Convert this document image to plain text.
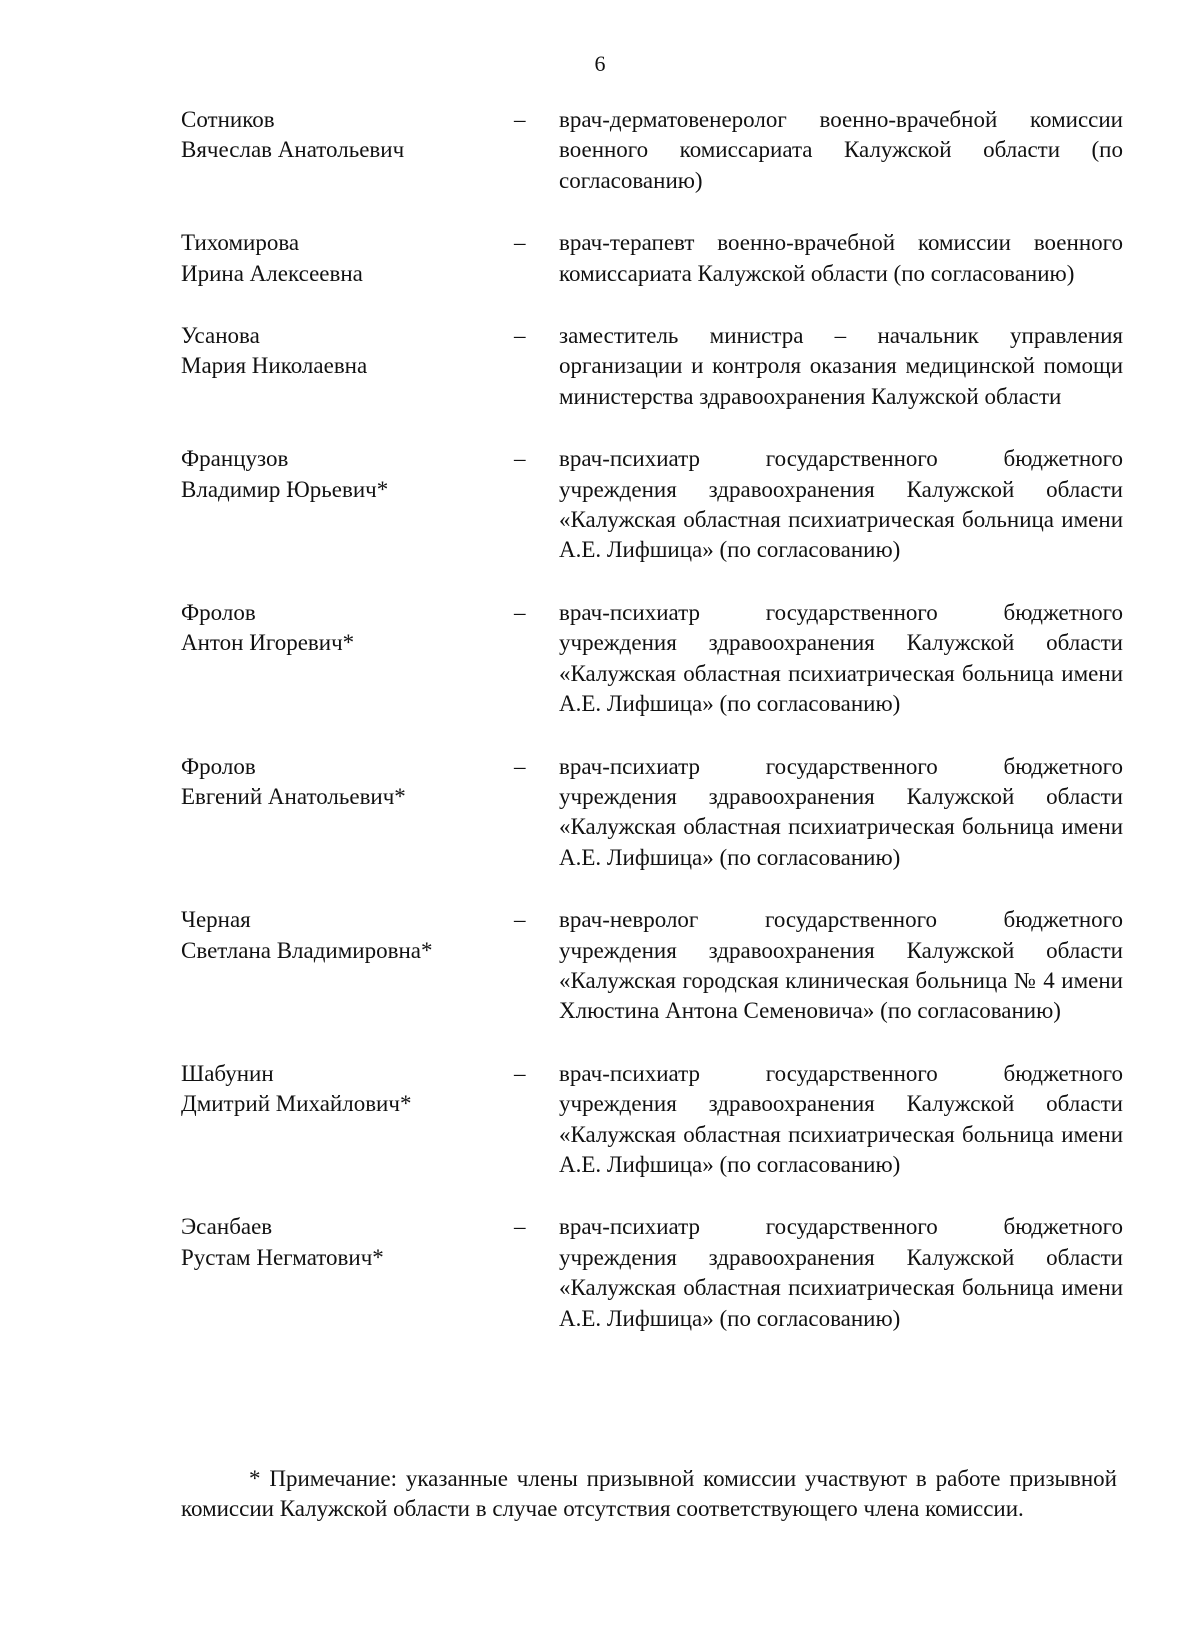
6
Сотников
Вячеслав Анатольевич
–	врач-дерматовенеролог военно-врачебной комиссии военного комиссариата Калужской области (по согласованию)
Тихомирова
Ирина Алексеевна
–	врач-терапевт военно-врачебной комиссии военного комиссариата Калужской области (по согласованию)
Усанова
Мария Николаевна
–	заместитель министра – начальник управления организации и контроля оказания медицинской помощи министерства здравоохранения Калужской области
Французов
Владимир Юрьевич*
–	врач-психиатр государственного бюджетного учреждения здравоохранения Калужской области «Калужская областная психиатрическая больница имени А.Е. Лифшица» (по согласованию)
Фролов
Антон Игоревич*
–	врач-психиатр государственного бюджетного учреждения здравоохранения Калужской области «Калужская областная психиатрическая больница имени А.Е. Лифшица» (по согласованию)
Фролов
Евгений Анатольевич*
–	врач-психиатр государственного бюджетного учреждения здравоохранения Калужской области «Калужская областная психиатрическая больница имени А.Е. Лифшица» (по согласованию)
Черная
Светлана Владимировна*
–	врач-невролог государственного бюджетного учреждения здравоохранения Калужской области «Калужская городская клиническая больница № 4 имени Хлюстина Антона Семеновича» (по согласованию)
Шабунин
Дмитрий Михайлович*
–	врач-психиатр государственного бюджетного учреждения здравоохранения Калужской области «Калужская областная психиатрическая больница имени А.Е. Лифшица» (по согласованию)
Эсанбаев
Рустам Негматович*
–	врач-психиатр государственного бюджетного учреждения здравоохранения Калужской области «Калужская областная психиатрическая больница имени А.Е. Лифшица» (по согласованию)

* Примечание: указанные члены призывной комиссии участвуют в работе призывной комиссии Калужской области в случае отсутствия соответствующего члена комиссии.
